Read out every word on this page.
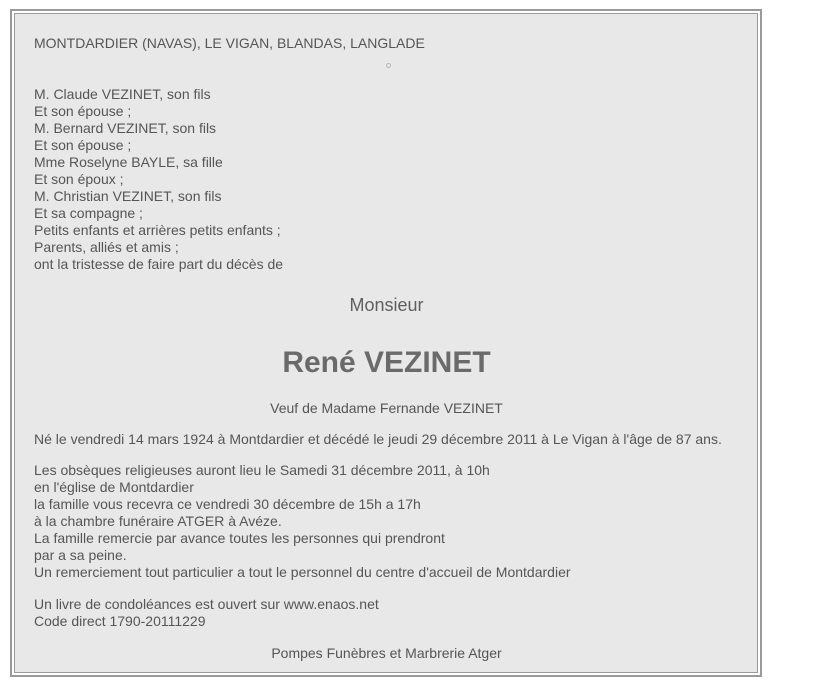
MONTDARDIER (NAVAS), LE VIGAN, BLANDAS, LANGLADE
M. Claude VEZINET, son fils
Et son épouse ;
M. Bernard VEZINET, son fils
Et son épouse ;
Mme Roselyne BAYLE, sa fille
Et son époux ;
M. Christian VEZINET, son fils
Et sa compagne ;
Petits enfants et arrières petits enfants ;
Parents, alliés et amis ;
ont la tristesse de faire part du décès de
Monsieur
René VEZINET
Veuf de Madame Fernande VEZINET
Né le vendredi 14 mars 1924 à Montdardier et décédé le jeudi 29 décembre 2011 à Le Vigan à l'âge de 87 ans.
Les obsèques religieuses auront lieu le Samedi 31 décembre 2011, à 10h
en l'église de Montdardier
la famille vous recevra ce vendredi 30 décembre de 15h a 17h
à la chambre funéraire ATGER à Avéze.
La famille remercie par avance toutes les personnes qui prendront
par a sa peine.
Un remerciement tout particulier a tout le personnel du centre d'accueil de Montdardier
Un livre de condoléances est ouvert sur www.enaos.net
Code direct 1790-20111229
Pompes Funèbres et Marbrerie Atger
